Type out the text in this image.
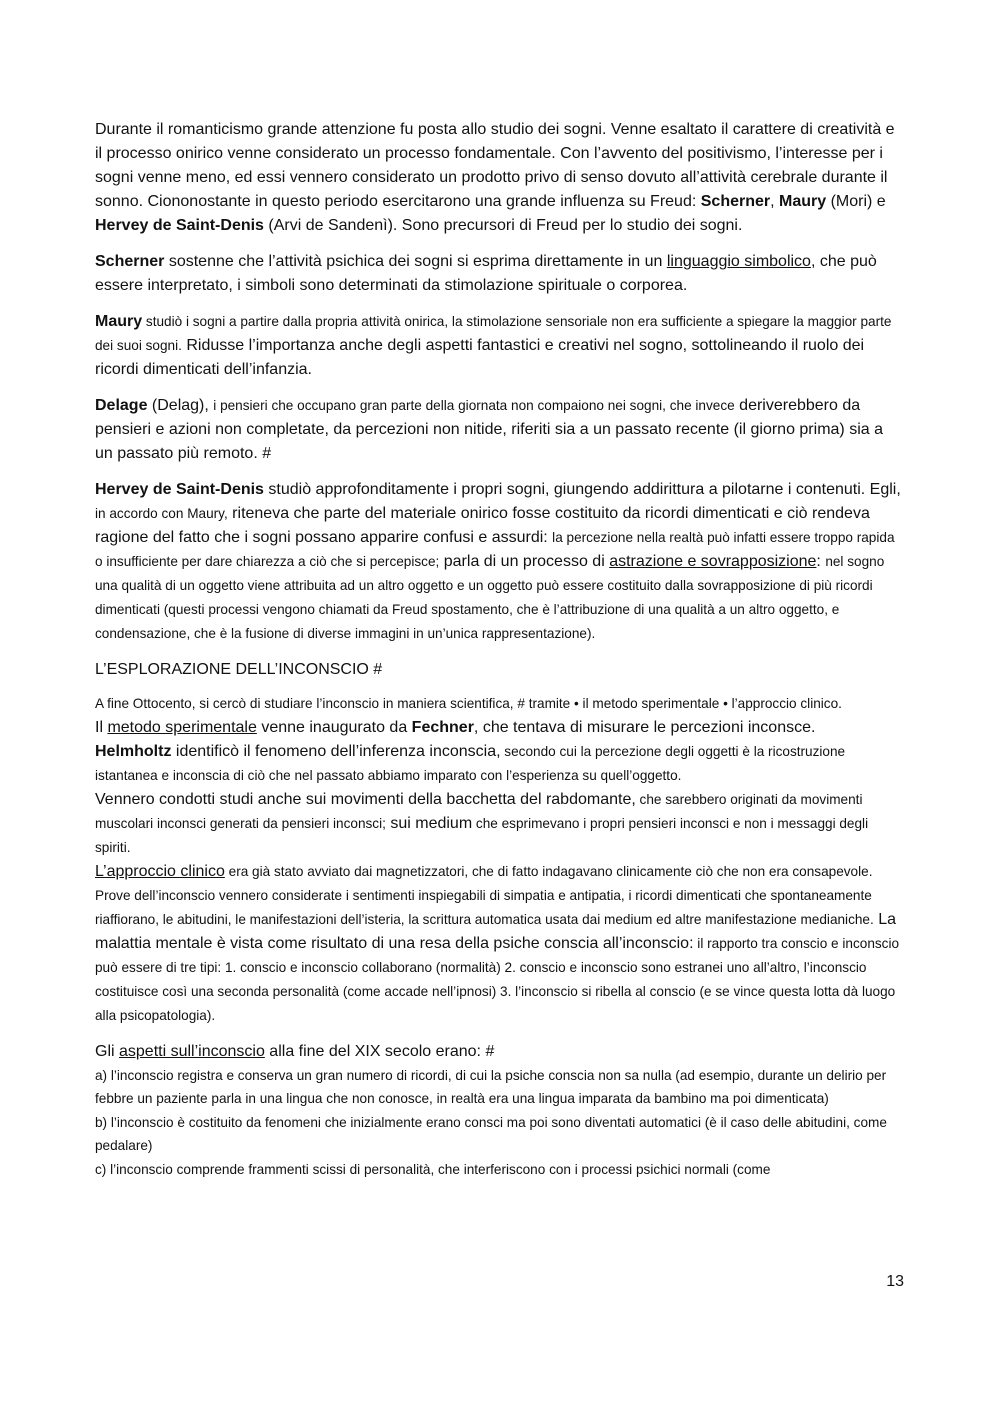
Durante il romanticismo grande attenzione fu posta allo studio dei sogni. Venne esaltato il carattere di creatività e il processo onirico venne considerato un processo fondamentale. Con l’avvento del positivismo, l’interesse per i sogni venne meno, ed essi vennero considerato un prodotto privo di senso dovuto all’attività cerebrale durante il sonno. Ciononostante in questo periodo esercitarono una grande influenza su Freud: Scherner, Maury (Mori) e Hervey de Saint-Denis (Arvi de Sandenì). Sono precursori di Freud per lo studio dei sogni.

Scherner sostenne che l’attività psichica dei sogni si esprima direttamente in un linguaggio simbolico, che può essere interpretato, i simboli sono determinati da stimolazione spirituale o corporea.

Maury studiò i sogni a partire dalla propria attività onirica, la stimolazione sensoriale non era sufficiente a spiegare la maggior parte dei suoi sogni. Ridusse l’importanza anche degli aspetti fantastici e creativi nel sogno, sottolineando il ruolo dei ricordi dimenticati dell’infanzia.

Delage (Delag), i pensieri che occupano gran parte della giornata non compaiono nei sogni, che invece deriverebbero da pensieri e azioni non completate, da percezioni non nitide, riferiti sia a un passato recente (il giorno prima) sia a un passato più remoto. #

Hervey de Saint-Denis studiò approfonditamente i propri sogni, giungendo addirittura a pilotarne i contenuti. Egli, in accordo con Maury, riteneva che parte del materiale onirico fosse costituito da ricordi dimenticati e ciò rendeva ragione del fatto che i sogni possano apparire confusi e assurdi: la percezione nella realtà può infatti essere troppo rapida o insufficiente per dare chiarezza a ciò che si percepisce; parla di un processo di astrazione e sovrapposizione: nel sogno una qualità di un oggetto viene attribuita ad un altro oggetto e un oggetto può essere costituito dalla sovrapposizione di più ricordi dimenticati (questi processi vengono chiamati da Freud spostamento, che è l’attribuzione di una qualità a un altro oggetto, e condensazione, che è la fusione di diverse immagini in un’unica rappresentazione).

L’ESPLORAZIONE DELL’INCONSCIO #

A fine Ottocento, si cercò di studiare l’inconscio in maniera scientifica, # tramite • il metodo sperimentale • l’approccio clinico.

Il metodo sperimentale venne inaugurato da Fechner, che tentava di misurare le percezioni inconsce.

Helmholtz identificò il fenomeno dell’inferenza inconscia, secondo cui la percezione degli oggetti è la ricostruzione istantanea e inconscia di ciò che nel passato abbiamo imparato con l’esperienza su quell’oggetto.

Vennero condotti studi anche sui movimenti della bacchetta del rabdomante, che sarebbero originati da movimenti muscolari inconsci generati da pensieri inconsci; sui medium che esprimevano i propri pensieri inconsci e non i messaggi degli spiriti.

L’approccio clinico era già stato avviato dai magnetizzatori, che di fatto indagavano clinicamente ciò che non era consapevole. Prove dell’inconscio vennero considerate i sentimenti inspiegabili di simpatia e antipatia, i ricordi dimenticati che spontaneamente riaffiorano, le abitudini, le manifestazioni dell’isteria, la scrittura automatica usata dai medium ed altre manifestazione medianiche. La malattia mentale è vista come risultato di una resa della psiche conscia all’inconscio: il rapporto tra conscio e inconscio può essere di tre tipi: 1. conscio e inconscio collaborano (normalità) 2. conscio e inconscio sono estranei uno all’altro, l’inconscio costituisce così una seconda personalità (come accade nell’ipnosi) 3. l’inconscio si ribella al conscio (e se vince questa lotta dà luogo alla psicopatologia).

Gli aspetti sull’inconscio alla fine del XIX secolo erano: #

a) l’inconscio registra e conserva un gran numero di ricordi, di cui la psiche conscia non sa nulla (ad esempio, durante un delirio per febbre un paziente parla in una lingua che non conosce, in realtà era una lingua imparata da bambino ma poi dimenticata)

b) l’inconscio è costituito da fenomeni che inizialmente erano consci ma poi sono diventati automatici (è il caso delle abitudini, come pedalare)

c) l’inconscio comprende frammenti scissi di personalità, che interferiscono con i processi psichici normali (come

13
